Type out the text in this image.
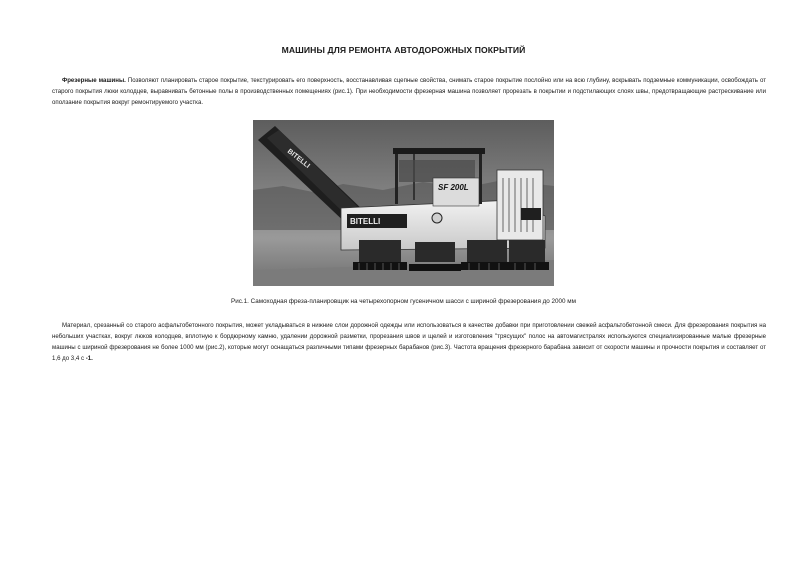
МАШИНЫ ДЛЯ РЕМОНТА АВТОДОРОЖНЫХ ПОКРЫТИЙ

Фрезерные машины. Позволяют планировать старое покрытие, текстурировать его поверхность, восстанавливая сцепные свойства, снимать старое покрытие послойно или на всю глубину, вскрывать подземные коммуникации, освобождать от старого покрытия люки колодцев, выравнивать бетонные полы в производственных помещениях (рис.1). При необходимости фрезерная машина позволяет прорезать в покрытии и подстилающих слоях швы, предотвращающие растрескивание или оползание покрытия вокруг ремонтируемого участка.

BITELLI
BITELLI
SF 200L
Рис.1. Самоходная фреза-планировщик на четырехопорном гусеничном шасси с шириной фрезерования до 2000 мм

Материал, срезанный со старого асфальтобетонного покрытия, может укладываться в нижние слои дорожной одежды или использоваться в качестве добавки при приготовлении свежей асфальтобетонной смеси. Для фрезерования покрытия на небольших участках, вокруг люков колодцев, вплотную к бордюрному камню, удалении дорожной разметки, прорезания швов и щелей и изготовления "трясущих" полос на автомагистралях используются специализированные малые фрезерные машины с шириной фрезерования не более 1000 мм (рис.2), которые могут оснащаться различными типами фрезерных барабанов (рис.3). Частота вращения фрезерного барабана зависит от скорости машины и прочности покрытия и составляет от 1,6 до 3,4 с -1.
